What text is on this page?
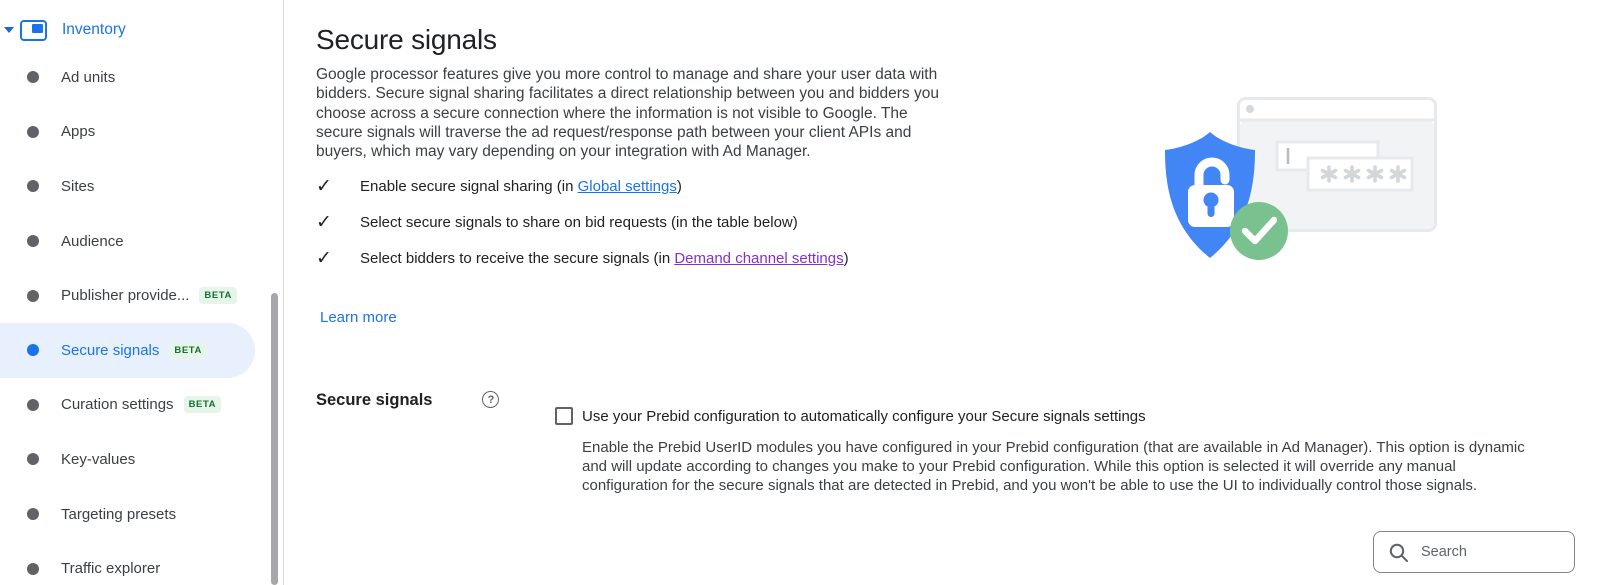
Inventory
Ad units
Apps
Sites
Audience
Publisher provide...	BETA
Secure signals	BETA
Curation settings	BETA
Key-values
Targeting presets
Traffic explorer
Secure signals

Google processor features give you more control to manage and share your user data with bidders. Secure signal sharing facilitates a direct relationship between you and bidders you choose across a secure connection where the information is not visible to Google. The secure signals will traverse the ad request/response path between your client APIs and buyers, which may vary depending on your integration with Ad Manager.

✓ Enable secure signal sharing (in Global settings)
✓ Select secure signals to share on bid requests (in the table below)
✓ Select bidders to receive the secure signals (in Demand channel settings)
Learn more
Secure signals	?
Use your Prebid configuration to automatically configure your Secure signals settings

Enable the Prebid UserID modules you have configured in your Prebid configuration (that are available in Ad Manager). This option is dynamic and will update according to changes you make to your Prebid configuration. While this option is selected it will override any manual configuration for the secure signals that are detected in Prebid, and you won't be able to use the UI to individually control those signals.

Search
